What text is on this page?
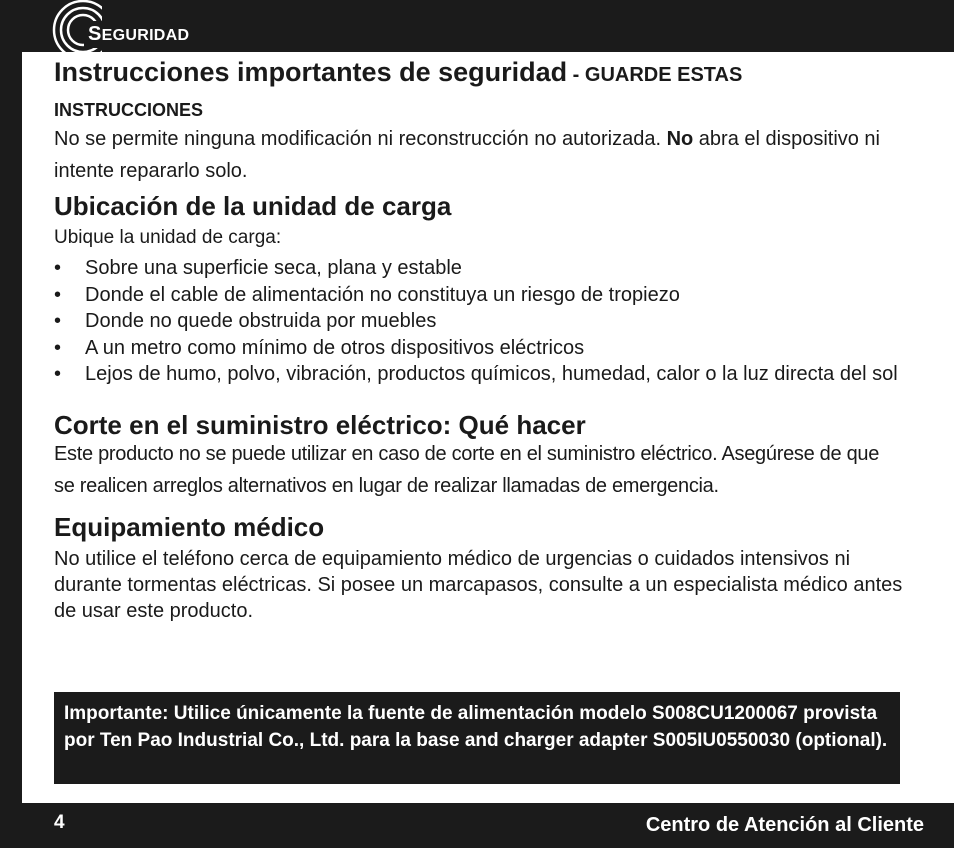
SEGURIDAD
Instrucciones importantes de seguridad - GUARDE ESTAS
INSTRUCCIONES

No se permite ninguna modificación ni reconstrucción no autorizada. No abra el dispositivo ni intente repararlo solo.

Ubicación de la unidad de carga

Ubique la unidad de carga:

• Sobre una superficie seca, plana y estable
• Donde el cable de alimentación no constituya un riesgo de tropiezo
• Donde no quede obstruida por muebles
• A un metro como mínimo de otros dispositivos eléctricos
• Lejos de humo, polvo, vibración, productos químicos, humedad, calor o la luz directa del sol
Corte en el suministro eléctrico: Qué hacer

Este producto no se puede utilizar en caso de corte en el suministro eléctrico. Asegúrese de que se realicen arreglos alternativos en lugar de realizar llamadas de emergencia.

Equipamiento médico

No utilice el teléfono cerca de equipamiento médico de urgencias o cuidados intensivos ni durante tormentas eléctricas. Si posee un marcapasos, consulte a un especialista médico antes de usar este producto.

Importante: Utilice únicamente la fuente de alimentación modelo S008CU1200067 provista por Ten Pao Industrial Co., Ltd. para la base and charger adapter S005IU0550030 (optional).
4	Centro de Atención al Cliente
